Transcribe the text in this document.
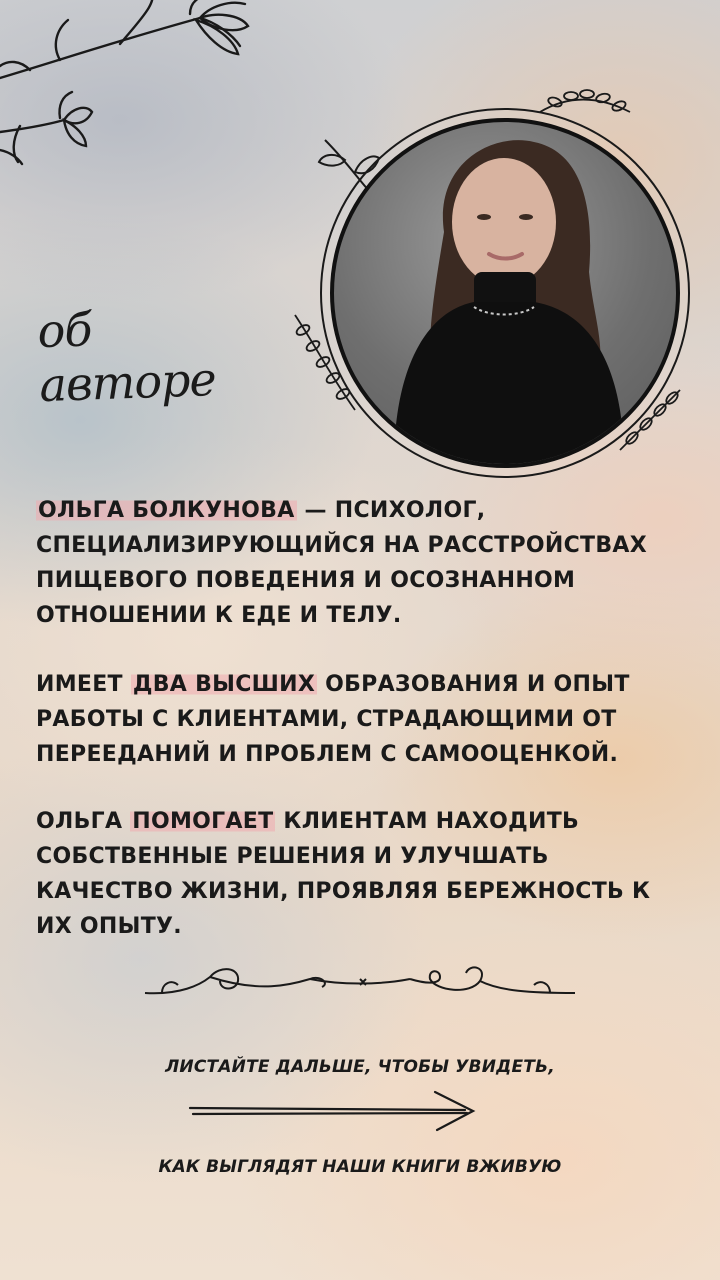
об авторе

ОЛЬГА БОЛКУНОВА — ПСИХОЛОГ, СПЕЦИАЛИЗИРУЮЩИЙСЯ НА РАССТРОЙСТВАХ ПИЩЕВОГО ПОВЕДЕНИЯ И ОСОЗНАННОМ ОТНОШЕНИИ К ЕДЕ И ТЕЛУ.

ИМЕЕТ ДВА ВЫСШИХ ОБРАЗОВАНИЯ И ОПЫТ РАБОТЫ С КЛИЕНТАМИ, СТРАДАЮЩИМИ ОТ ПЕРЕЕДАНИЙ И ПРОБЛЕМ С САМООЦЕНКОЙ.

ОЛЬГА ПОМОГАЕТ КЛИЕНТАМ НАХОДИТЬ СОБСТВЕННЫЕ РЕШЕНИЯ И УЛУЧШАТЬ КАЧЕСТВО ЖИЗНИ, ПРОЯВЛЯЯ БЕРЕЖНОСТЬ К ИХ ОПЫТУ.

ЛИСТАЙТЕ ДАЛЬШЕ, ЧТОБЫ УВИДЕТЬ,
КАК ВЫГЛЯДЯТ НАШИ КНИГИ ВЖИВУЮ
